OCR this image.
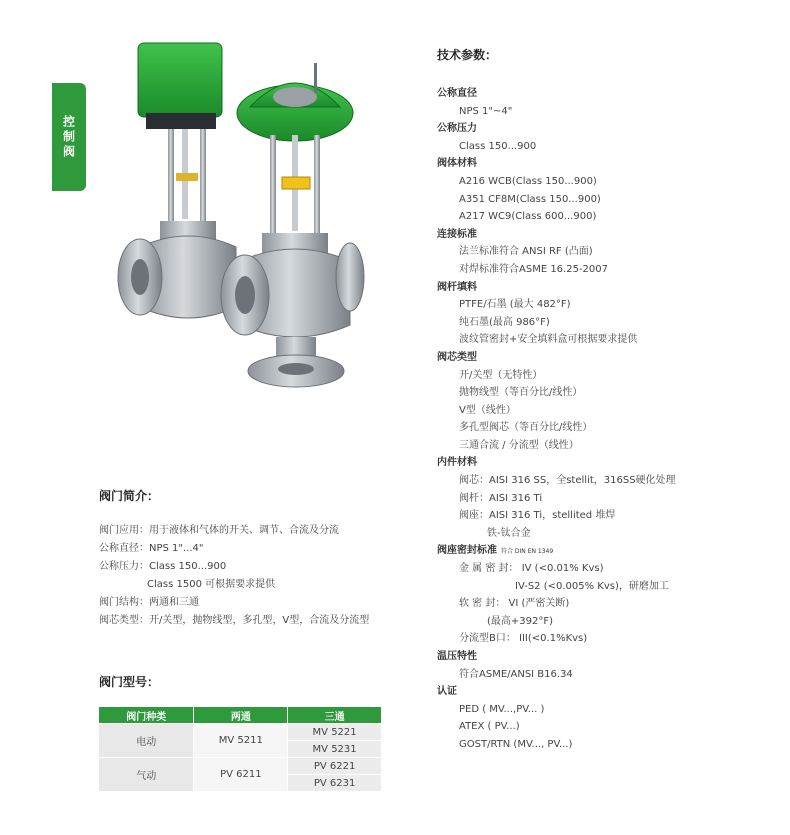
控制阀
阀门简介：
阀门应用：用于液体和气体的开关、调节、合流及分流
公称直径：NPS 1"...4"
公称压力：Class 150...900
Class 1500 可根据要求提供
阀门结构：两通和三通
阀芯类型：开/关型，抛物线型，多孔型，V型，合流及分流型
阀门型号：
阀门种类	两通	三通
电动	MV 5211	MV 5221
		MV 5231
气动	PV 6211	PV 6221
		PV 6231
技术参数：
公称直径
NPS 1"~4"
公称压力
Class 150...900
阀体材料
A216 WCB(Class 150...900)
A351 CF8M(Class 150...900)
A217 WC9(Class 600...900)
连接标准
法兰标准符合 ANSI RF (凸面)
对焊标准符合ASME 16.25-2007
阀杆填料
PTFE/石墨 (最大 482°F)
纯石墨(最高 986°F)
波纹管密封+安全填料盒可根据要求提供
阀芯类型
开/关型（无特性）
抛物线型（等百分比/线性）
V型（线性）
多孔型阀芯（等百分比/线性）
三通合流 / 分流型（线性）
内件材料
阀芯：AISI 316 SS，全stellit，316SS硬化处理
阀杆：AISI 316 Ti
阀座：AISI 316 Ti，stellited 堆焊
铁-钛合金
阀座密封标准 符合 DIN EN 1349
金 属 密 封： IV (<0.01% Kvs)
IV-S2 (<0.005% Kvs)，研磨加工
软 密 封： VI (严密关断)
(最高+392°F)
分流型B口： III(<0.1%Kvs)
温压特性
符合ASME/ANSI B16.34
认证
PED ( MV...,PV... )
ATEX ( PV...)
GOST/RTN (MV..., PV...)
